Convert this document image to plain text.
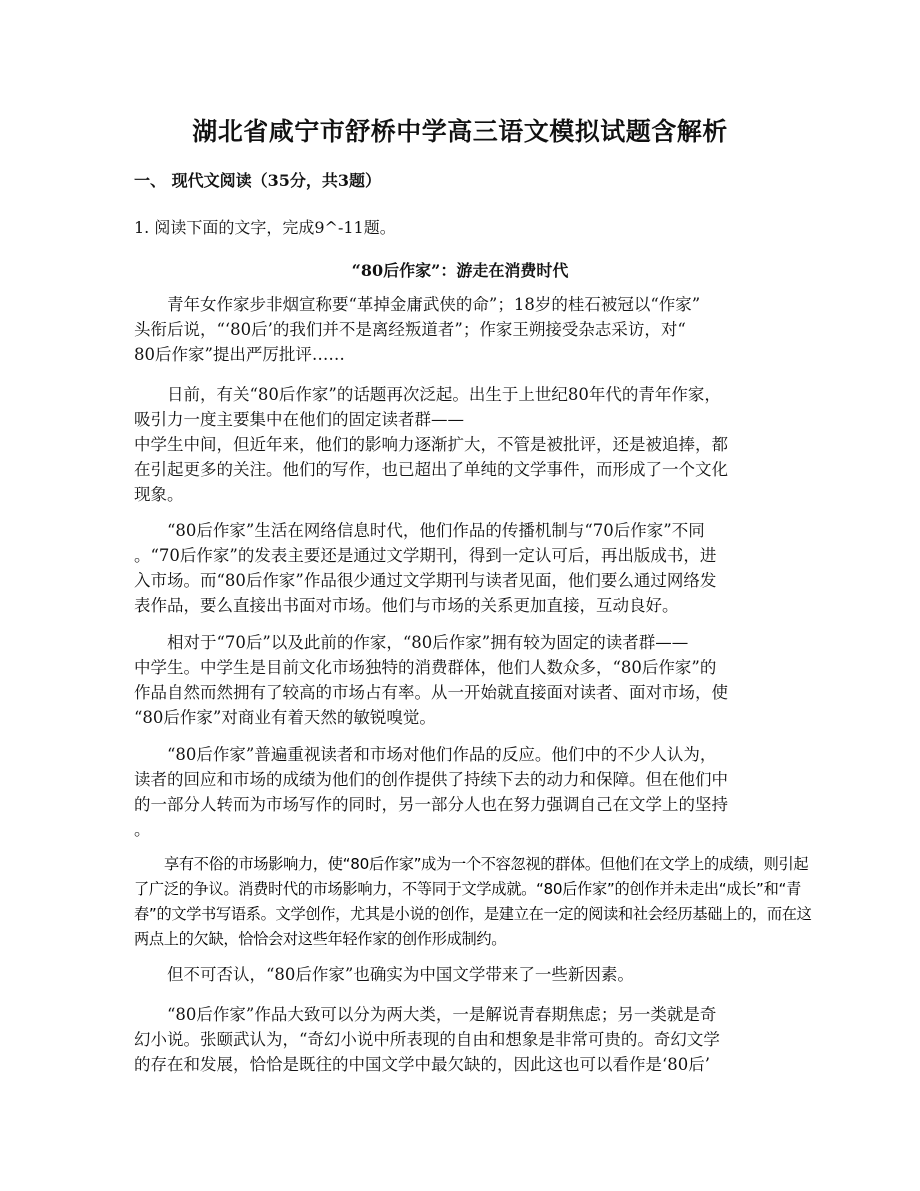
湖北省咸宁市舒桥中学高三语文模拟试题含解析
一、 现代文阅读（35分，共3题）

1. 阅读下面的文字，完成9^-11题。

“80后作家”：游走在消费时代

青年女作家步非烟宣称要“革掉金庸武侠的命”；18岁的桂石被冠以“作家”
头衔后说，“‘80后’的我们并不是离经叛道者”；作家王朔接受杂志采访，对“
80后作家”提出严厉批评……

日前，有关“80后作家”的话题再次泛起。出生于上世纪80年代的青年作家，
吸引力一度主要集中在他们的固定读者群——
中学生中间，但近年来，他们的影响力逐渐扩大，不管是被批评，还是被追捧，都
在引起更多的关注。他们的写作，也已超出了单纯的文学事件，而形成了一个文化
现象。

“80后作家”生活在网络信息时代，他们作品的传播机制与“70后作家”不同
。“70后作家”的发表主要还是通过文学期刊，得到一定认可后，再出版成书，进
入市场。而“80后作家”作品很少通过文学期刊与读者见面，他们要么通过网络发
表作品，要么直接出书面对市场。他们与市场的关系更加直接，互动良好。

相对于“70后”以及此前的作家，“80后作家”拥有较为固定的读者群——
中学生。中学生是目前文化市场独特的消费群体，他们人数众多，“80后作家”的
作品自然而然拥有了较高的市场占有率。从一开始就直接面对读者、面对市场，使
“80后作家”对商业有着天然的敏锐嗅觉。

“80后作家”普遍重视读者和市场对他们作品的反应。他们中的不少人认为，
读者的回应和市场的成绩为他们的创作提供了持续下去的动力和保障。但在他们中
的一部分人转而为市场写作的同时，另一部分人也在努力强调自己在文学上的坚持
。

享有不俗的市场影响力，使“80后作家”成为一个不容忽视的群体。但他们在文学上的成绩，则引起
了广泛的争议。消费时代的市场影响力，不等同于文学成就。“80后作家”的创作并未走出“成长”和“青
春”的文学书写语系。文学创作，尤其是小说的创作，是建立在一定的阅读和社会经历基础上的，而在这
两点上的欠缺，恰恰会对这些年轻作家的创作形成制约。

但不可否认，“80后作家”也确实为中国文学带来了一些新因素。

“80后作家”作品大致可以分为两大类，一是解说青春期焦虑；另一类就是奇
幻小说。张颐武认为，“奇幻小说中所表现的自由和想象是非常可贵的。奇幻文学
的存在和发展，恰恰是既往的中国文学中最欠缺的，因此这也可以看作是‘80后’
